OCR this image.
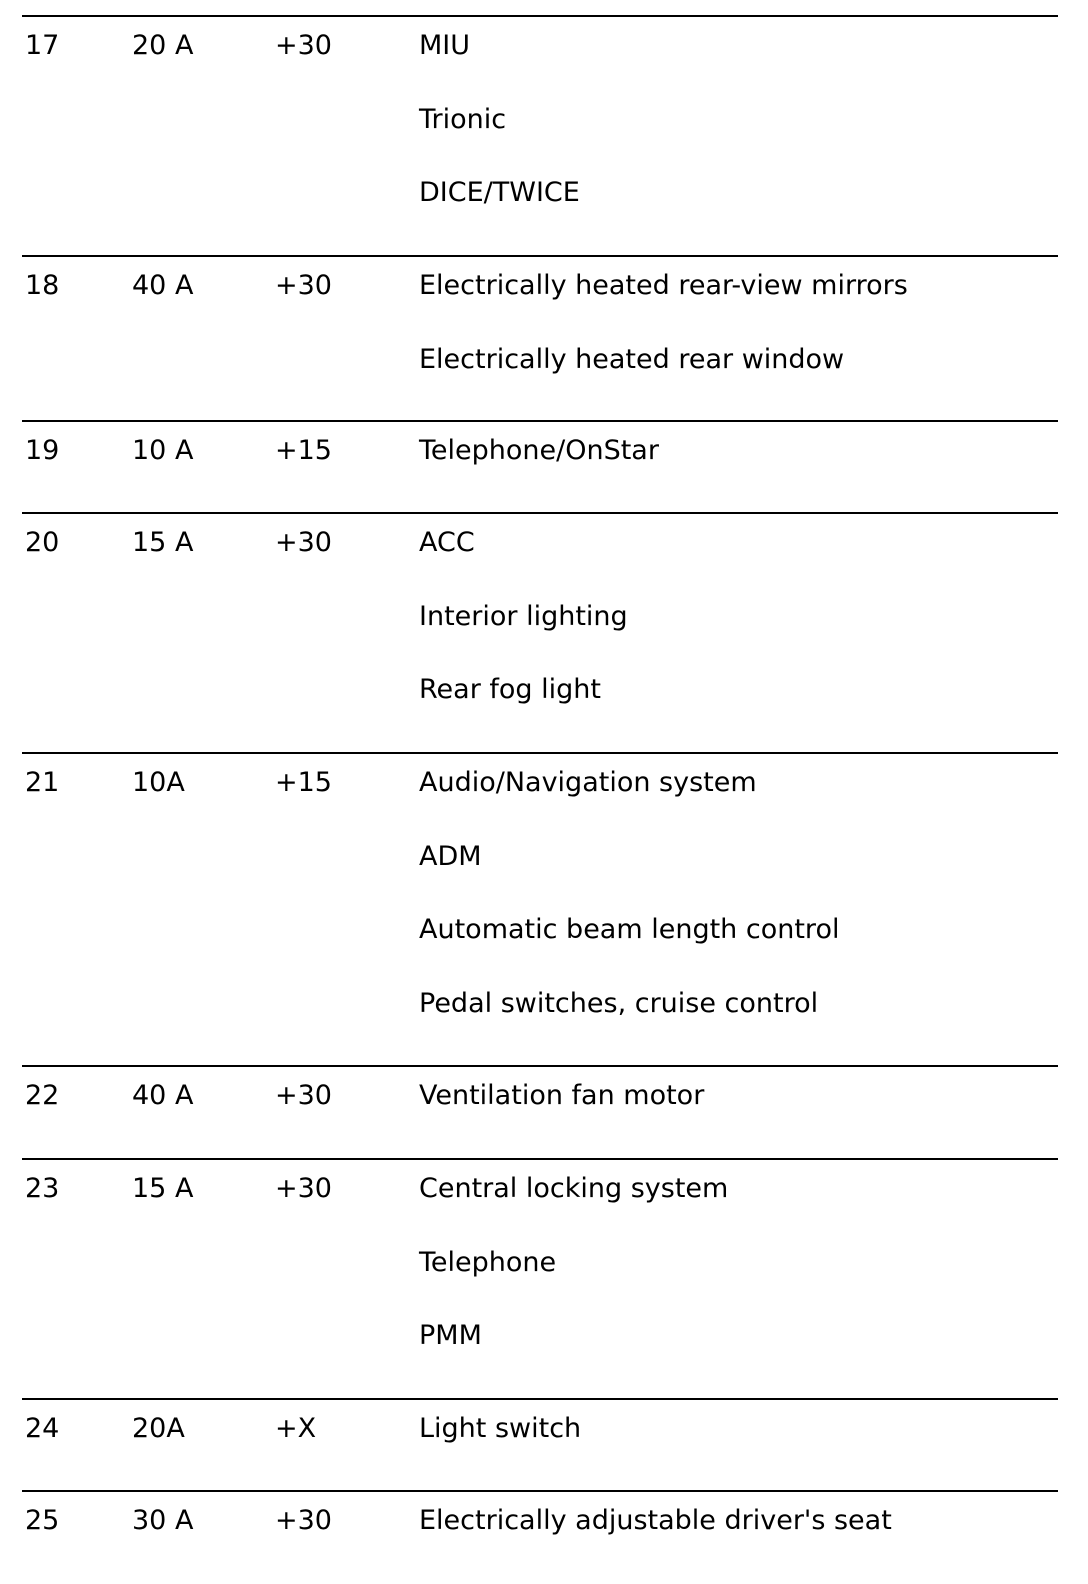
17	20 A	+30	MIU
Trionic
DICE/TWICE
18	40 A	+30	Electrically heated rear-view mirrors
Electrically heated rear window
19	10 A	+15	Telephone/OnStar
20	15 A	+30	ACC
Interior lighting
Rear fog light
21	10A	+15	Audio/Navigation system
ADM
Automatic beam length control
Pedal switches, cruise control
22	40 A	+30	Ventilation fan motor
23	15 A	+30	Central locking system
Telephone
PMM
24	20A	+X	Light switch
25	30 A	+30	Electrically adjustable driver's seat
